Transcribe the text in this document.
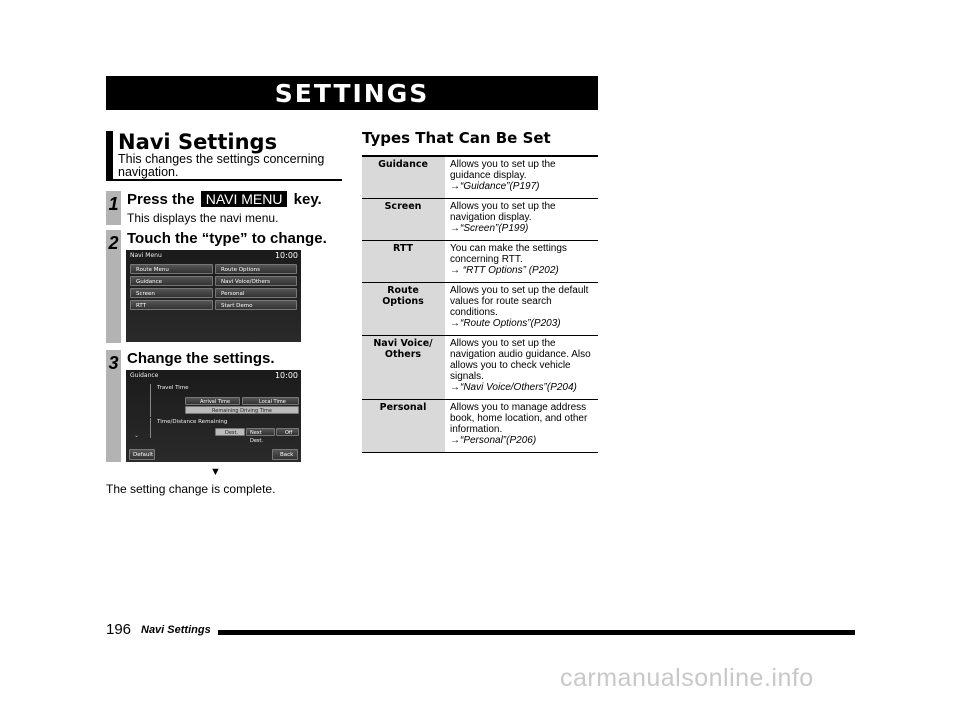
SETTINGS
Navi Settings
This changes the settings concerning navigation.
1 Press the NAVI MENU key.
This displays the navi menu.
2 Touch the “type” to change.
Navi Menu	10:00
Route Menu
Guidance
Screen
RTT
Route Options
Navi Voice/Others
Personal
Start Demo
3 Change the settings.
Guidance	10:00
Travel Time
Arrival Time	Local Time
Remaining Driving Time
Time/Distance Remaining
Dest.	Next Dest.
Off
⌄
Default	Back
▼
The setting change is complete.
Types That Can Be Set
Guidance	Allows you to set up the guidance display.
→“Guidance”(P197)
Screen	Allows you to set up the navigation display.
→“Screen”(P199)
RTT	You can make the settings concerning RTT.
→ “RTT Options” (P202)
Route Options	Allows you to set up the default values for route search conditions.
→“Route Options”(P203)
Navi Voice/ Others	Allows you to set up the navigation audio guidance. Also allows you to check vehicle signals.
→“Navi Voice/Others”(P204)
Personal	Allows you to manage address book, home location, and other information.
→“Personal”(P206)
196 Navi Settings
carmanualsonline.info
